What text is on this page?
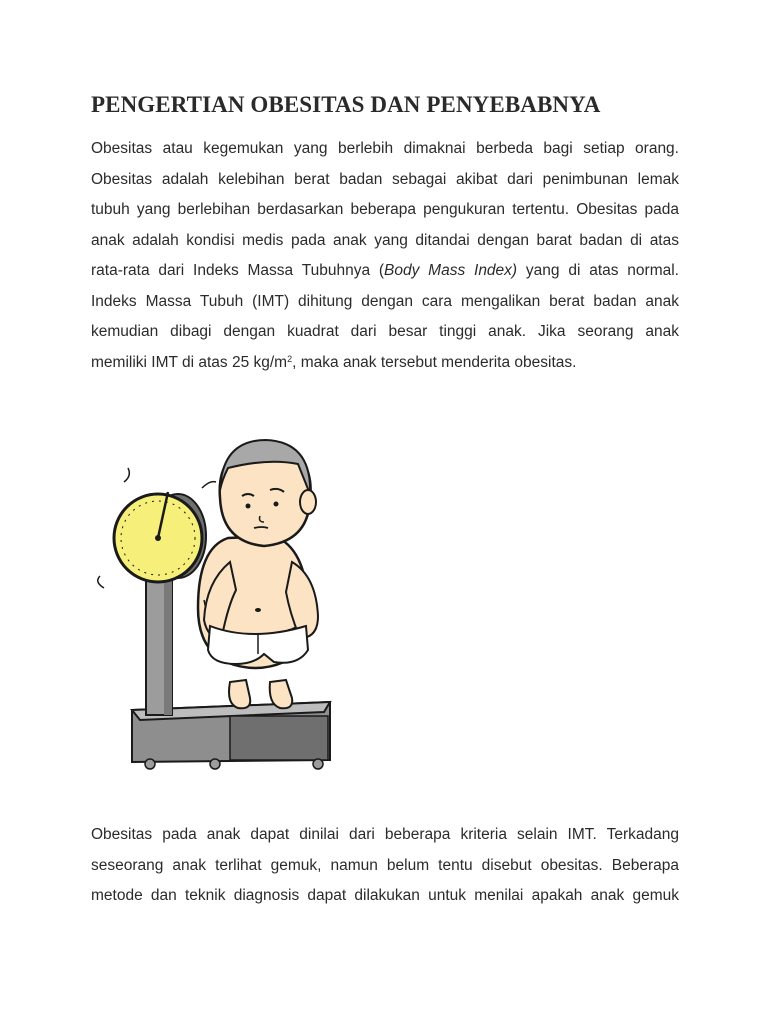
PENGERTIAN OBESITAS DAN PENYEBABNYA
Obesitas atau kegemukan yang berlebih dimaknai berbeda bagi setiap orang.
Obesitas adalah kelebihan berat badan sebagai akibat dari penimbunan lemak
tubuh yang berlebihan berdasarkan beberapa pengukuran tertentu. Obesitas pada
anak adalah kondisi medis pada anak yang ditandai dengan barat badan di atas
rata-rata dari Indeks Massa Tubuhnya (Body Mass Index) yang di atas normal.
Indeks Massa Tubuh (IMT) dihitung dengan cara mengalikan berat badan anak
kemudian dibagi dengan kuadrat dari besar tinggi anak. Jika seorang anak
memiliki IMT di atas 25 $kg/m^2$, maka anak tersebut menderita obesitas.
Obesitas pada anak dapat dinilai dari beberapa kriteria selain IMT. Terkadang
seseorang anak terlihat gemuk, namun belum tentu disebut obesitas. Beberapa
metode dan teknik diagnosis dapat dilakukan untuk menilai apakah anak gemuk
